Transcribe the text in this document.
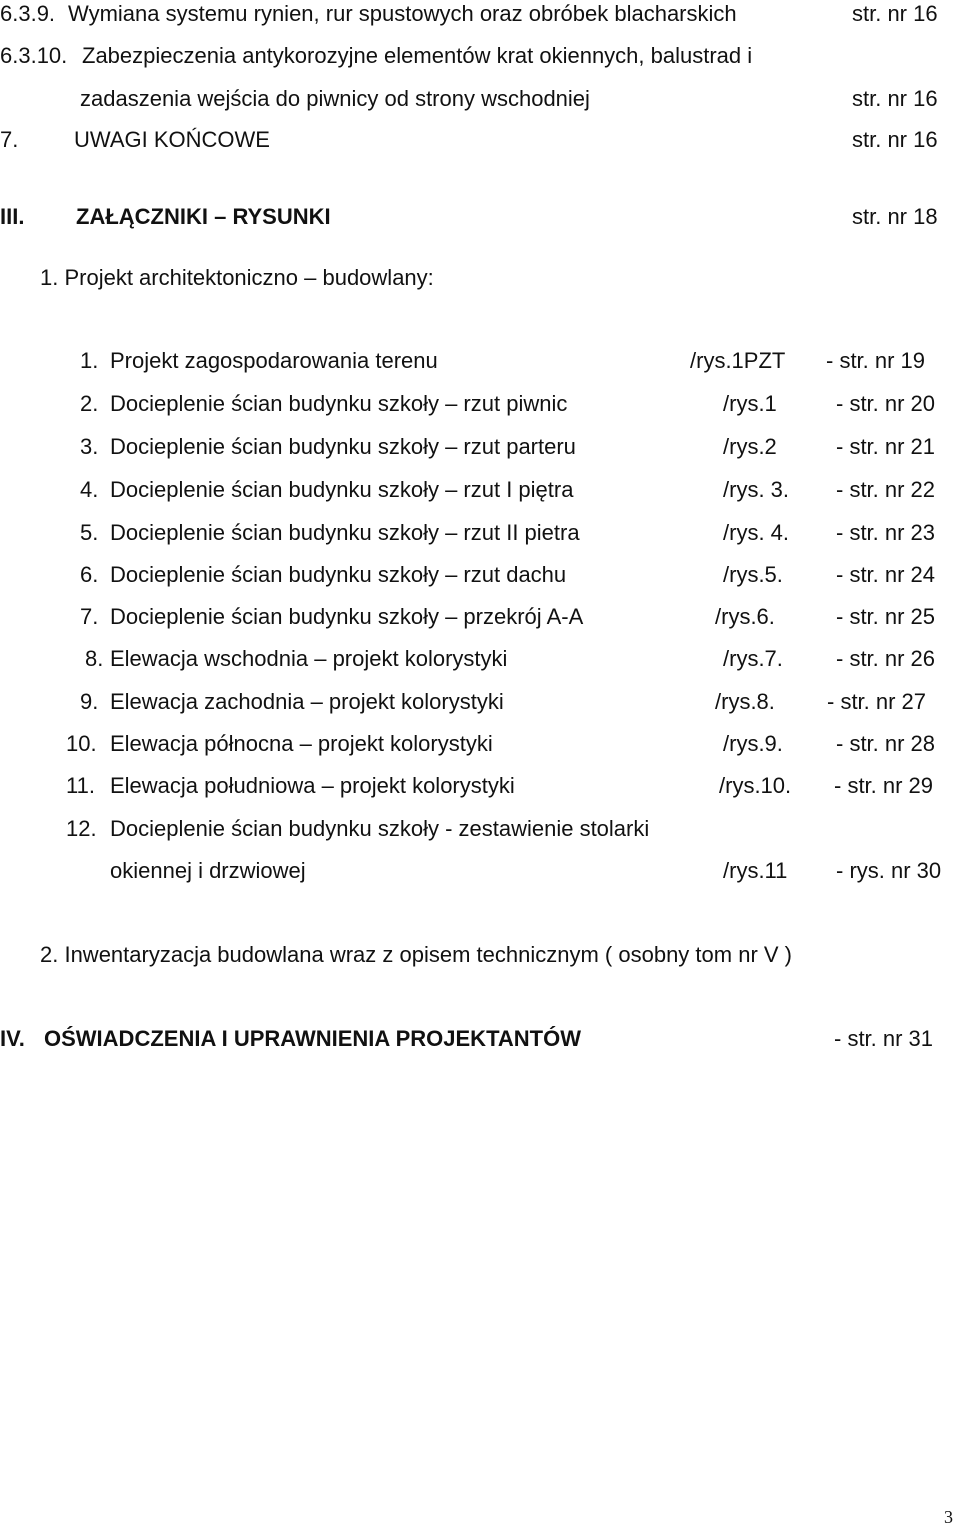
6.3.9. Wymiana systemu rynien, rur spustowych oraz obróbek blacharskich	str. nr 16
6.3.10. Zabezpieczenia antykorozyjne elementów krat okiennych, balustrad i
zadaszenia wejścia do piwnicy od strony wschodniej	str. nr 16
7.	UWAGI KOŃCOWE	str. nr 16
III. ZAŁĄCZNIKI – RYSUNKI	str. nr 18
1. Projekt architektoniczno – budowlany:
1. Projekt zagospodarowania terenu	/rys.1PZT - str. nr 19
2. Docieplenie ścian budynku szkoły – rzut piwnic	/rys.1	- str. nr 20
3. Docieplenie ścian budynku szkoły – rzut parteru	/rys.2	- str. nr 21
4. Docieplenie ścian budynku szkoły – rzut I piętra	/rys. 3. - str. nr 22
5. Docieplenie ścian budynku szkoły – rzut II pietra	/rys. 4. - str. nr 23
6. Docieplenie ścian budynku szkoły – rzut dachu	/rys.5. - str. nr 24
7. Docieplenie ścian budynku szkoły – przekrój A-A	/rys.6.	- str. nr 25
8. Elewacja wschodnia – projekt kolorystyki	/rys.7. - str. nr 26
9. Elewacja zachodnia – projekt kolorystyki	/rys.8. - str. nr 27
10. Elewacja północna – projekt kolorystyki	/rys.9. - str. nr 28
11. Elewacja południowa – projekt kolorystyki	/rys.10. - str. nr 29
12. Docieplenie ścian budynku szkoły - zestawienie stolarki
okiennej i drzwiowej	/rys.11 - rys. nr 30
2. Inwentaryzacja budowlana wraz z opisem technicznym ( osobny tom nr V )
IV. OŚWIADCZENIA I UPRAWNIENIA PROJEKTANTÓW	- str. nr 31
3
